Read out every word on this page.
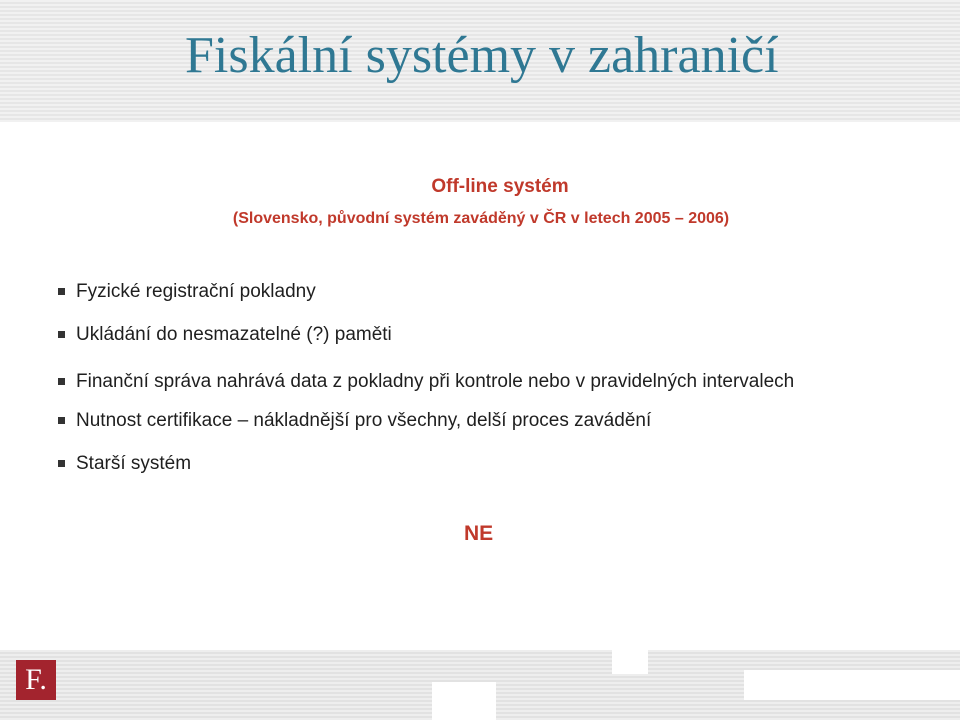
Fiskální systémy v zahraničí
Off-line systém
(Slovensko, původní systém zaváděný v ČR v letech 2005 – 2006)
Fyzické registrační pokladny
Ukládání do nesmazatelné (?) paměti
Finanční správa nahrává data z pokladny při kontrole nebo v pravidelných intervalech
Nutnost certifikace – nákladnější pro všechny, delší proces zavádění
Starší systém
NE
F.
